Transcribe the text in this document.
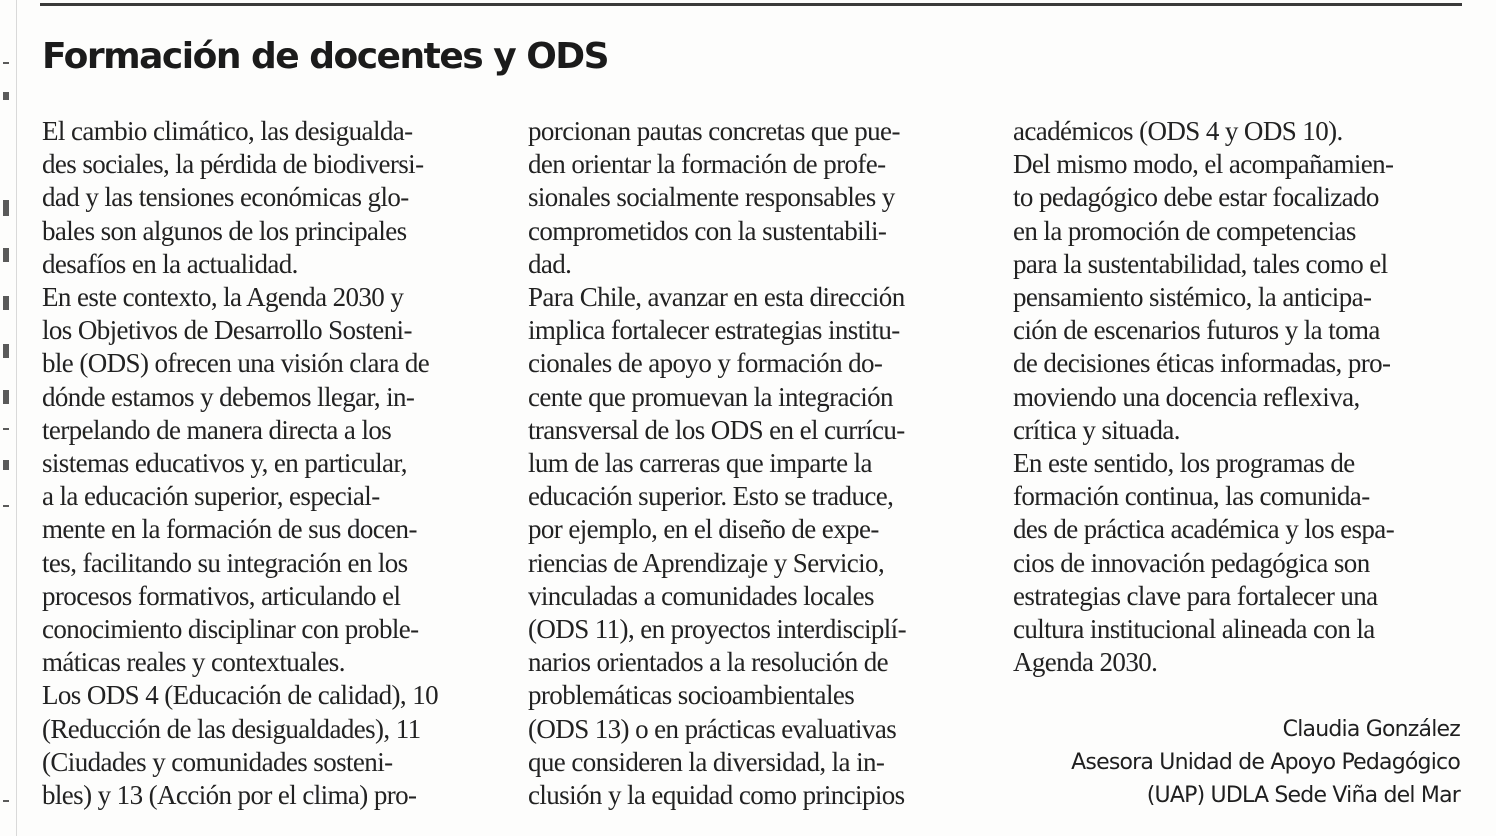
Formación de docentes y ODS
El cambio climático, las desigualda-
des sociales, la pérdida de biodiversi-
dad y las tensiones económicas glo-
bales son algunos de los principales
desafíos en la actualidad.
En este contexto, la Agenda 2030 y
los Objetivos de Desarrollo Sosteni-
ble (ODS) ofrecen una visión clara de
dónde estamos y debemos llegar, in-
terpelando de manera directa a los
sistemas educativos y, en particular,
a la educación superior, especial-
mente en la formación de sus docen-
tes, facilitando su integración en los
procesos formativos, articulando el
conocimiento disciplinar con proble-
máticas reales y contextuales.
Los ODS 4 (Educación de calidad), 10
(Reducción de las desigualdades), 11
(Ciudades y comunidades sosteni-
bles) y 13 (Acción por el clima) pro-
porcionan pautas concretas que pue-
den orientar la formación de profe-
sionales socialmente responsables y
comprometidos con la sustentabili-
dad.
Para Chile, avanzar en esta dirección
implica fortalecer estrategias institu-
cionales de apoyo y formación do-
cente que promuevan la integración
transversal de los ODS en el currícu-
lum de las carreras que imparte la
educación superior. Esto se traduce,
por ejemplo, en el diseño de expe-
riencias de Aprendizaje y Servicio,
vinculadas a comunidades locales
(ODS 11), en proyectos interdisciplí-
narios orientados a la resolución de
problemáticas socioambientales
(ODS 13) o en prácticas evaluativas
que consideren la diversidad, la in-
clusión y la equidad como principios
académicos (ODS 4 y ODS 10).
Del mismo modo, el acompañamien-
to pedagógico debe estar focalizado
en la promoción de competencias
para la sustentabilidad, tales como el
pensamiento sistémico, la anticipa-
ción de escenarios futuros y la toma
de decisiones éticas informadas, pro-
moviendo una docencia reflexiva,
crítica y situada.
En este sentido, los programas de
formación continua, las comunida-
des de práctica académica y los espa-
cios de innovación pedagógica son
estrategias clave para fortalecer una
cultura institucional alineada con la
Agenda 2030.
Claudia González
Asesora Unidad de Apoyo Pedagógico
(UAP) UDLA Sede Viña del Mar
